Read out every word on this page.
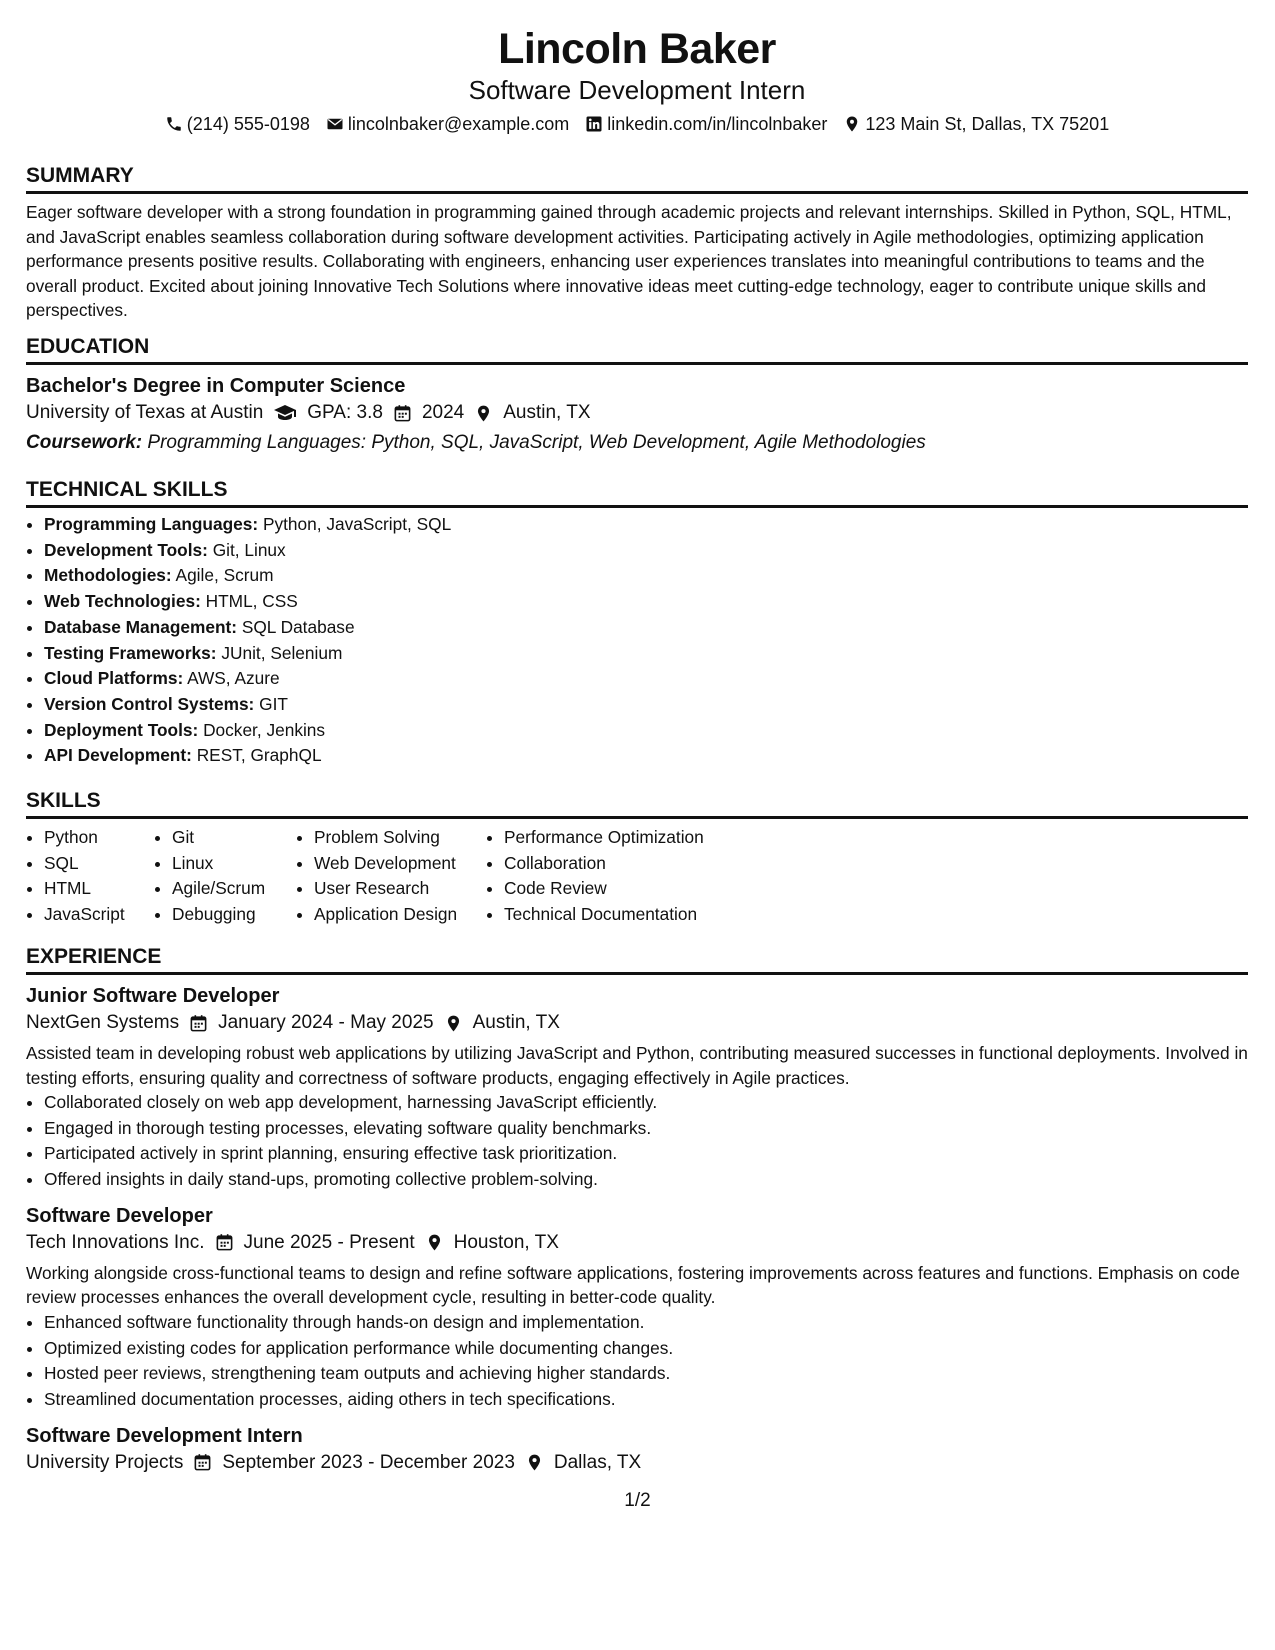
Lincoln Baker
Software Development Intern
(214) 555-0198 lincolnbaker@example.com linkedin.com/in/lincolnbaker 123 Main St, Dallas, TX 75201
SUMMARY

Eager software developer with a strong foundation in programming gained through academic projects and relevant internships. Skilled in Python, SQL, HTML, and JavaScript enables seamless collaboration during software development activities. Participating actively in Agile methodologies, optimizing application performance presents positive results. Collaborating with engineers, enhancing user experiences translates into meaningful contributions to teams and the overall product. Excited about joining Innovative Tech Solutions where innovative ideas meet cutting-edge technology, eager to contribute unique skills and perspectives.

EDUCATION
Bachelor's Degree in Computer Science
University of Texas at Austin GPA: 3.8 2024 Austin, TX
Coursework: Programming Languages: Python, SQL, JavaScript, Web Development, Agile Methodologies
TECHNICAL SKILLS
• Programming Languages: Python, JavaScript, SQL
• Development Tools: Git, Linux
• Methodologies: Agile, Scrum
• Web Technologies: HTML, CSS
• Database Management: SQL Database
• Testing Frameworks: JUnit, Selenium
• Cloud Platforms: AWS, Azure
• Version Control Systems: GIT
• Deployment Tools: Docker, Jenkins
• API Development: REST, GraphQL
SKILLS
• Python
• SQL
• HTML
• JavaScript
• Git
• Linux
• Agile/Scrum
• Debugging
• Problem Solving
• Web Development
• User Research
• Application Design
• Performance Optimization
• Collaboration
• Code Review
• Technical Documentation
EXPERIENCE
Junior Software Developer
NextGen Systems January 2024 - May 2025 Austin, TX

Assisted team in developing robust web applications by utilizing JavaScript and Python, contributing measured successes in functional deployments. Involved in testing efforts, ensuring quality and correctness of software products, engaging effectively in Agile practices.

• Collaborated closely on web app development, harnessing JavaScript efficiently.
• Engaged in thorough testing processes, elevating software quality benchmarks.
• Participated actively in sprint planning, ensuring effective task prioritization.
• Offered insights in daily stand-ups, promoting collective problem-solving.
Software Developer
Tech Innovations Inc. June 2025 - Present Houston, TX

Working alongside cross-functional teams to design and refine software applications, fostering improvements across features and functions. Emphasis on code review processes enhances the overall development cycle, resulting in better-code quality.

• Enhanced software functionality through hands-on design and implementation.
• Optimized existing codes for application performance while documenting changes.
• Hosted peer reviews, strengthening team outputs and achieving higher standards.
• Streamlined documentation processes, aiding others in tech specifications.
Software Development Intern
University Projects September 2023 - December 2023 Dallas, TX
1/2
